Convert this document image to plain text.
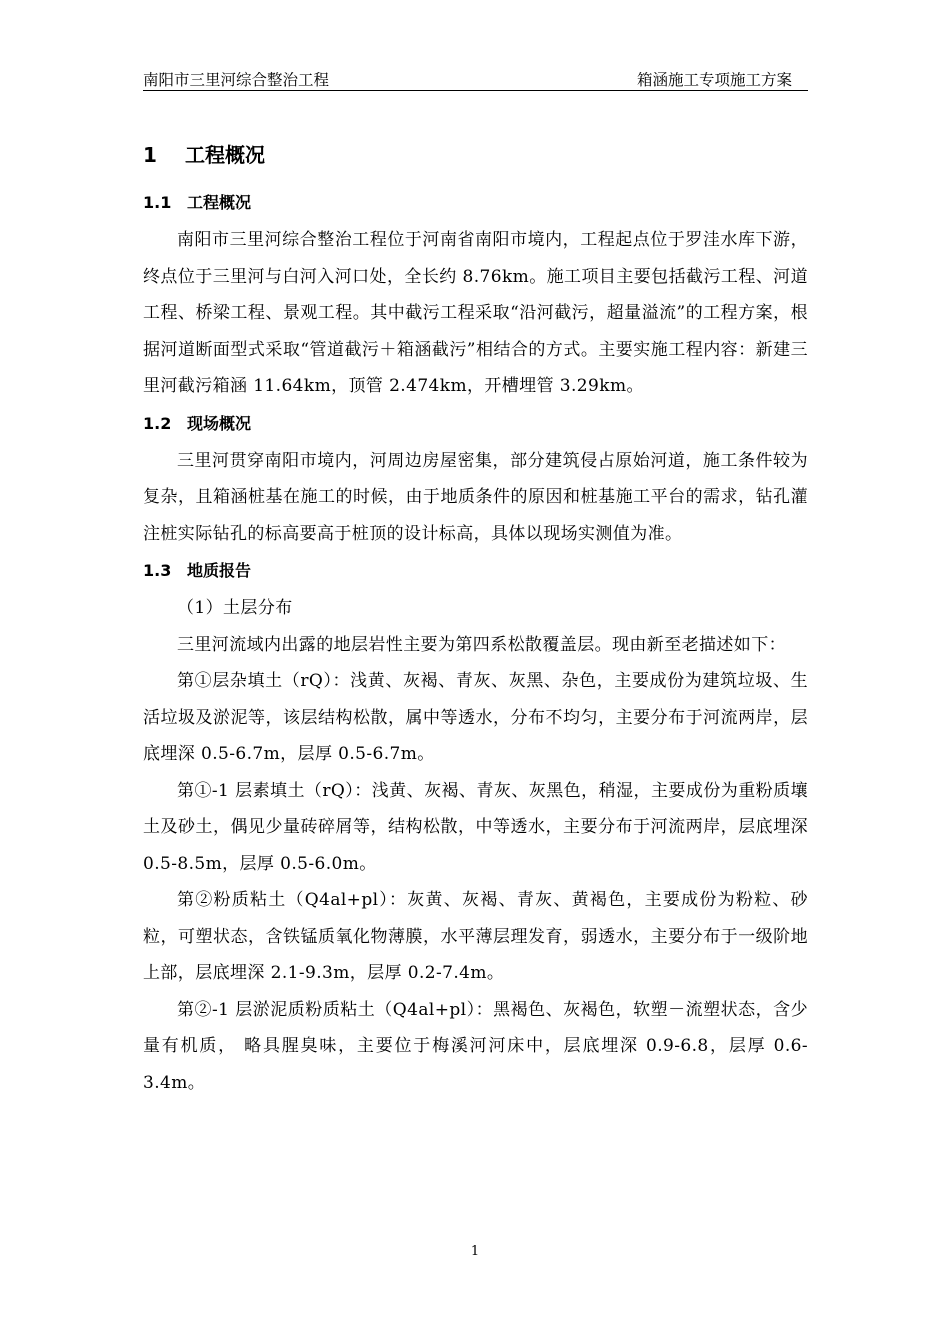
南阳市三里河综合整治工程	箱涵施工专项施工方案
1 工程概况
1.1 工程概况

南阳市三里河综合整治工程位于河南省南阳市境内，工程起点位于罗洼水库下游，终点位于三里河与白河入河口处，全长约 8.76km。施工项目主要包括截污工程、河道工程、桥梁工程、景观工程。其中截污工程采取“沿河截污，超量溢流”的工程方案，根据河道断面型式采取“管道截污＋箱涵截污”相结合的方式。主要实施工程内容：新建三里河截污箱涵 11.64km，顶管 2.474km，开槽埋管 3.29km。

1.2 现场概况

三里河贯穿南阳市境内，河周边房屋密集，部分建筑侵占原始河道，施工条件较为复杂，且箱涵桩基在施工的时候，由于地质条件的原因和桩基施工平台的需求，钻孔灌注桩实际钻孔的标高要高于桩顶的设计标高，具体以现场实测值为准。

1.3 地质报告

（1）土层分布

三里河流域内出露的地层岩性主要为第四系松散覆盖层。现由新至老描述如下：

第①层杂填土（rQ）：浅黄、灰褐、青灰、灰黑、杂色，主要成份为建筑垃圾、生活垃圾及淤泥等，该层结构松散，属中等透水，分布不均匀，主要分布于河流两岸，层底埋深 0.5-6.7m，层厚 0.5-6.7m。

第①-1 层素填土（rQ）：浅黄、灰褐、青灰、灰黑色，稍湿，主要成份为重粉质壤土及砂土，偶见少量砖碎屑等，结构松散，中等透水，主要分布于河流两岸，层底埋深 0.5-8.5m，层厚 0.5-6.0m。

第②粉质粘土（Q4al+pl）：灰黄、灰褐、青灰、黄褐色，主要成份为粉粒、砂粒，可塑状态，含铁锰质氧化物薄膜，水平薄层理发育，弱透水，主要分布于一级阶地上部，层底埋深 2.1-9.3m，层厚 0.2-7.4m。

第②-1 层淤泥质粉质粘土（Q4al+pl）：黑褐色、灰褐色，软塑－流塑状态，含少量有机质， 略具腥臭味，主要位于梅溪河河床中，层底埋深 0.9-6.8，层厚 0.6-3.4m。

1
